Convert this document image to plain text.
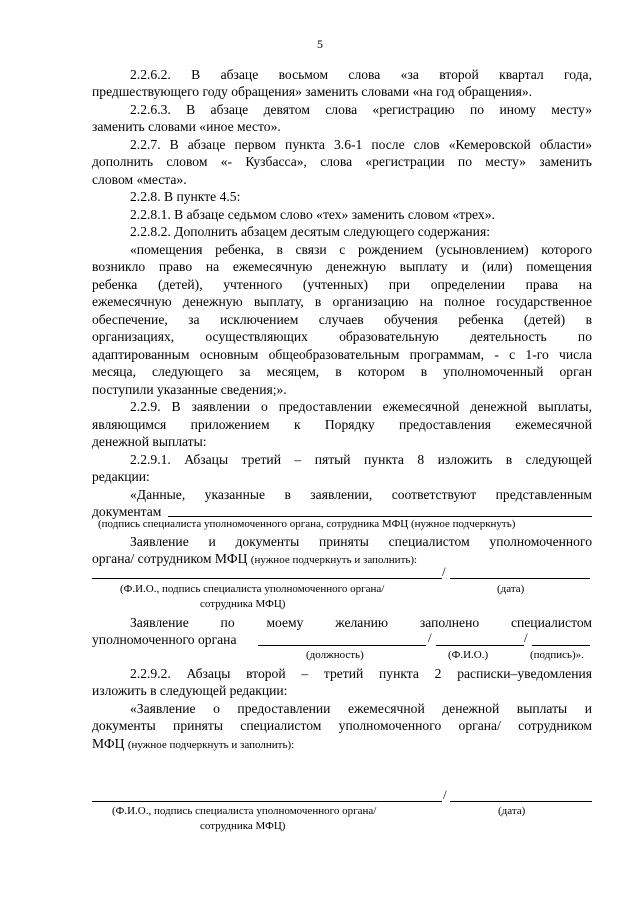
5

2.2.6.2. В абзаце восьмом слова «за второй квартал года,

предшествующего году обращения» заменить словами «на год обращения».

2.2.6.3. В абзаце девятом слова «регистрацию по иному месту»

заменить словами «иное место».

2.2.7. В абзаце первом пункта 3.6-1 после слов «Кемеровской области»

дополнить словом «- Кузбасса», слова «регистрации по месту» заменить

словом «места».

2.2.8. В пункте 4.5:

2.2.8.1. В абзаце седьмом слово «тех» заменить словом «трех».

2.2.8.2. Дополнить абзацем десятым следующего содержания:

«помещения ребенка, в связи с рождением (усыновлением) которого

возникло право на ежемесячную денежную выплату и (или) помещения

ребенка (детей), учтенного (учтенных) при определении права на

ежемесячную денежную выплату, в организацию на полное государственное

обеспечение, за исключением случаев обучения ребенка (детей) в

организациях, осуществляющих образовательную деятельность по

адаптированным основным общеобразовательным программам, - с 1-го числа

месяца, следующего за месяцем, в котором в уполномоченный орган

поступили указанные сведения;».

2.2.9. В заявлении о предоставлении ежемесячной денежной выплаты,

являющимся приложением к Порядку предоставления ежемесячной

денежной выплаты:

2.2.9.1. Абзацы третий – пятый пункта 8 изложить в следующей

редакции:

«Данные, указанные в заявлении, соответствуют представленным

документам

(подпись специалиста уполномоченного органа, сотрудника МФЦ (нужное подчеркнуть)

Заявление и документы приняты специалистом уполномоченного

органа/ сотрудником МФЦ (нужное подчеркнуть и заполнить):

/
(Ф.И.О., подпись специалиста уполномоченного органа/	(дата)
сотрудника МФЦ)

Заявление по моему желанию заполнено специалистом

уполномоченного органа	/	/
(должность)	(Ф.И.О.)	(подпись)».

2.2.9.2. Абзацы второй – третий пункта 2 расписки–уведомления

изложить в следующей редакции:

«Заявление о предоставлении ежемесячной денежной выплаты и

документы приняты специалистом уполномоченного органа/ сотрудником

МФЦ (нужное подчеркнуть и заполнить):

/
(Ф.И.О., подпись специалиста уполномоченного органа/	(дата)
сотрудника МФЦ)
